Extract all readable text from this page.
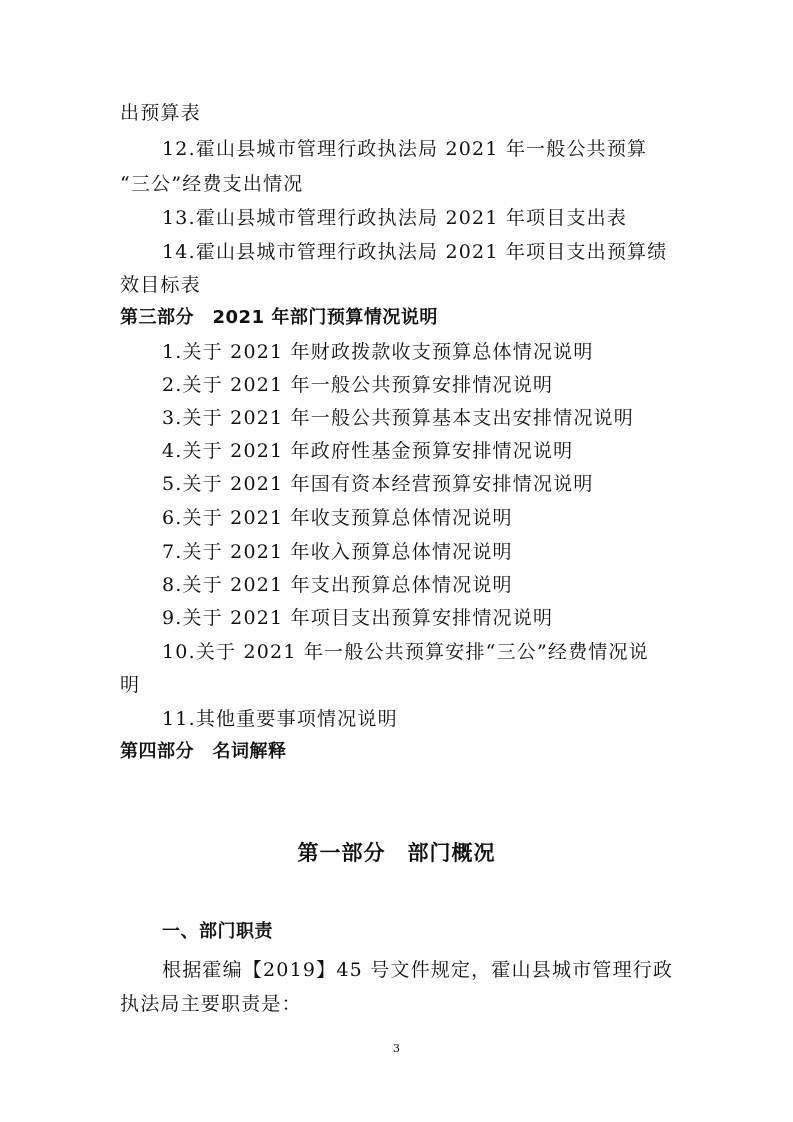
出预算表
12.霍山县城市管理行政执法局 2021 年一般公共预算
“三公”经费支出情况
13.霍山县城市管理行政执法局 2021 年项目支出表
14.霍山县城市管理行政执法局 2021 年项目支出预算绩
效目标表
第三部分　2021 年部门预算情况说明
1.关于 2021 年财政拨款收支预算总体情况说明
2.关于 2021 年一般公共预算安排情况说明
3.关于 2021 年一般公共预算基本支出安排情况说明
4.关于 2021 年政府性基金预算安排情况说明
5.关于 2021 年国有资本经营预算安排情况说明
6.关于 2021 年收支预算总体情况说明
7.关于 2021 年收入预算总体情况说明
8.关于 2021 年支出预算总体情况说明
9.关于 2021 年项目支出预算安排情况说明
10.关于 2021 年一般公共预算安排“三公”经费情况说
明
11.其他重要事项情况说明
第四部分　名词解释
第一部分　部门概况
一、部门职责
根据霍编【2019】45 号文件规定，霍山县城市管理行政
执法局主要职责是：
3
